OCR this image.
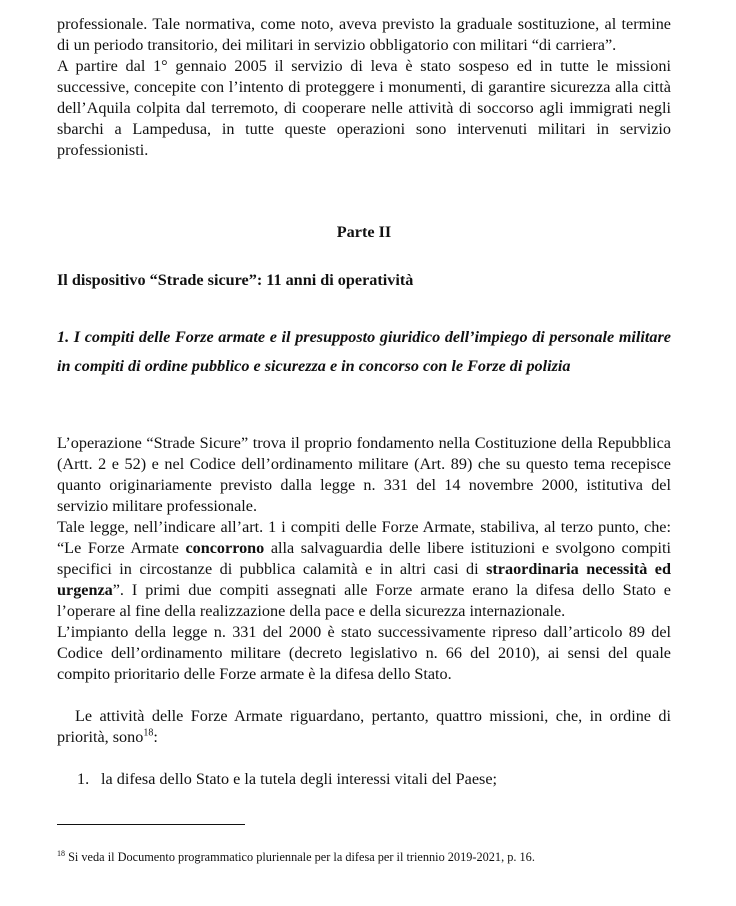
professionale. Tale normativa, come noto, aveva previsto la graduale sostituzione, al termine di un periodo transitorio, dei militari in servizio obbligatorio con militari “di carriera”.

A partire dal 1° gennaio 2005 il servizio di leva è stato sospeso ed in tutte le missioni successive, concepite con l’intento di proteggere i monumenti, di garantire sicurezza alla città dell’Aquila colpita dal terremoto, di cooperare nelle attività di soccorso agli immigrati negli sbarchi a Lampedusa, in tutte queste operazioni sono intervenuti militari in servizio professionisti.

Parte II
Il dispositivo “Strade sicure”: 11 anni di operatività
1. I compiti delle Forze armate e il presupposto giuridico dell’impiego di personale militare in compiti di ordine pubblico e sicurezza e in concorso con le Forze di polizia

L’operazione “Strade Sicure” trova il proprio fondamento nella Costituzione della Repubblica (Artt. 2 e 52) e nel Codice dell’ordinamento militare (Art. 89) che su questo tema recepisce quanto originariamente previsto dalla legge n. 331 del 14 novembre 2000, istitutiva del servizio militare professionale.

Tale legge, nell’indicare all’art. 1 i compiti delle Forze Armate, stabiliva, al terzo punto, che: “Le Forze Armate concorrono alla salvaguardia delle libere istituzioni e svolgono compiti specifici in circostanze di pubblica calamità e in altri casi di straordinaria necessità ed urgenza”. I primi due compiti assegnati alle Forze armate erano la difesa dello Stato e l’operare al fine della realizzazione della pace e della sicurezza internazionale.

L’impianto della legge n. 331 del 2000 è stato successivamente ripreso dall’articolo 89 del Codice dell’ordinamento militare (decreto legislativo n. 66 del 2010), ai sensi del quale compito prioritario delle Forze armate è la difesa dello Stato.

Le attività delle Forze Armate riguardano, pertanto, quattro missioni, che, in ordine di priorità, sono$^{18}$:

1. la difesa dello Stato e la tutela degli interessi vitali del Paese;
$^{18}$ Si veda il Documento programmatico pluriennale per la difesa per il triennio 2019-2021, p. 16.
